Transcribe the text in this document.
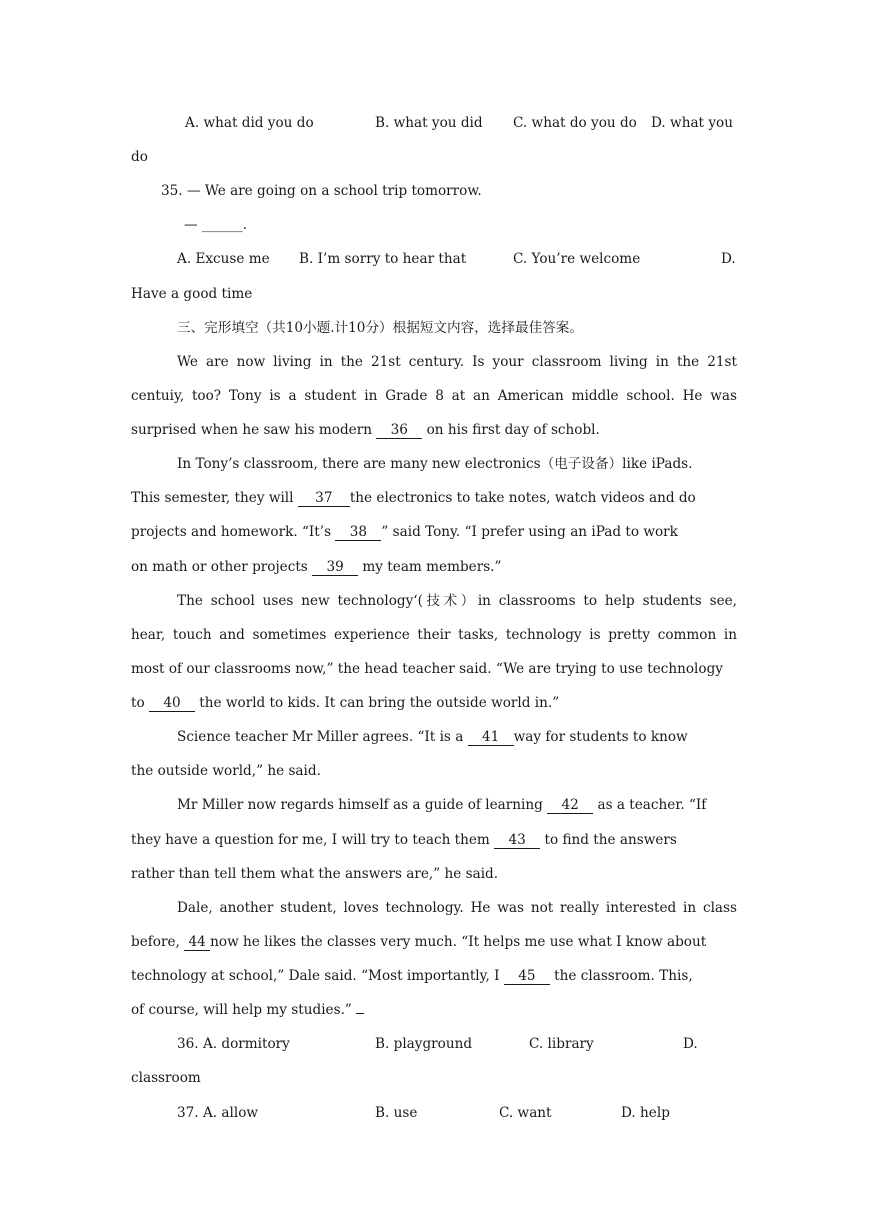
A. what did you do	B. what you did C. what do you do D. what you
do
35. — We are going on a school trip tomorrow.
— ______.
A. Excuse me B. I’m sorry to hear that	C. You’re welcome	D.
Have a good time
三、完形填空（共10小题.计10分）根据短文内容，选择最佳答案。
We are now living in the 21st century. Is your classroom living in the 21st
centuiy, too? Tony is a student in Grade 8 at an American middle school. He was
surprised when he saw his modern 36 on his first day of schobl.
In Tony’s classroom, there are many new electronics（电子设备）like iPads.
This semester, they will 37 the electronics to take notes, watch videos and do
projects and homework. “It’s 38 ” said Tony. “I prefer using an iPad to work
on math or other projects 39 my team members.”
The school uses new technology‘(技术）in classrooms to help students see,
hear, touch and sometimes experience their tasks, technology is pretty common in
most of our classrooms now,” the head teacher said. “We are trying to use technology
to 40 the world to kids. It can bring the outside world in.”
Science teacher Mr Miller agrees. “It is a 41 way for students to know
the outside world,” he said.
Mr Miller now regards himself as a guide of learning 42 as a teacher. “If
they have a question for me, I will try to teach them 43 to find the answers
rather than tell them what the answers are,” he said.
Dale, another student, loves technology. He was not really interested in class
before, 44 now he likes the classes very much. “It helps me use what I know about
technology at school,” Dale said. “Most importantly, I 45 the classroom. This,
of course, will help my studies.”
36. A. dormitory	B. playground	C. library	D.
classroom
37. A. allow	B. use	C. want	D. help
